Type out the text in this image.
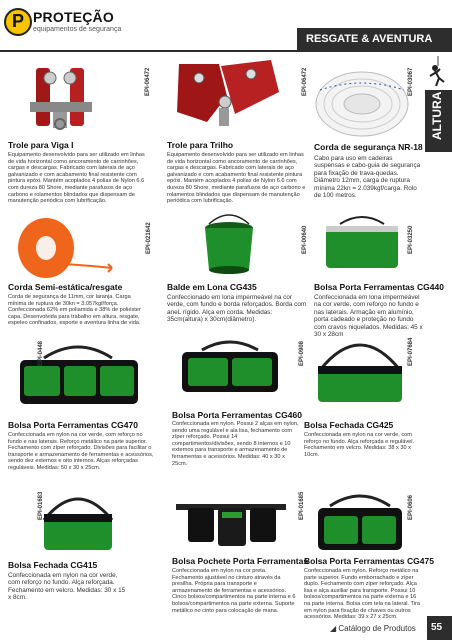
P PROTEÇÃO
equipamentos de segurança
RESGATE & AVENTURA
ALTURA
EPI-06472
Trole para Viga I
Equipamento desenvolvido para ser utilizado em linhas de vida horizontal como ancoramento de carrinhões, cargas e descargas. Fabricado com laterais de aço galvanizado e com acabamento final resistente com pintura epóxi. Mantém acoplados 4 polias de Nylon 6.6 com dureza 80 Shore, mediante parafusos de aço carbono e rolamentos blindados que dispensam de manutenção periódica com lubrificação.
EPI-06472
Trole para Trilho
Equipamento desenvolvido para ser utilizado em linhas de vida horizontal como ancoramento de carrinhões, cargas e descargas. Fabricado com laterais de aço galvanizado e com acabamento final resistente pintura epóxi. Mantém acoplados 4 polias de Nylon 6.6 com dureza 80 Shore, mediante parafusos de aço carbono e rolamentos blindados que dispensam de manutenção periódica com lubrificação.
EPI-03067
Corda de segurança NR-18
Cabo para uso em cadeiras suspensas e cabo-guia de segurança para fixação de trava-quedas. Diâmetro 12mm, carga de ruptura mínima 22kn = 2.039kgf/carga. Rolo de 100 metros.
EPI-021642
Corda Semi-estática/resgate
Corda de segurança de 11mm, cor laranja. Carga mínima de ruptura de 30kn = 3.057kgf/força. Confeccionada 62% em poliamida e 38% de poliéster capa. Desenvolvida para trabalho em altura, resgate, espeleo confinados, esporte e aventura linha de vida.
EPI-00640
Balde em Lona CG435
Confeccionado em lona impermeável na cor verde, com fundo e borda reforçados. Borda com aneL rígido. Alça em corda. Medidas: 35cm(altura) x 30cm(diâmetro).
EPI-03250
Bolsa Porta Ferramentas CG440
Confeccionada em lona impermeável na cor verde, com reforço no fundo e nas laterais. Armação em alumínio, porta cadeado e proteção no fundo com cravos niquelados. Medidas: 45 x 30 x 28cm
EPI-0448
Bolsa Porta Ferramentas CG470
Confeccionada em nylon na cor verde, com reforço no fundo e nas laterais. Reforço metálico na parte superior. Fechamento com zíper reforçado. Divisões para facilitar o transporte e armazenamento de ferramentas e acessórios, sendo dez externos e oito internos. Alças reforçadas reguláveis. Medidas: 50 x 30 x 25cm.
EPI-0908
Bolsa Porta Ferramentas CG460
Confeccionada em nylon. Possui 2 alças em nylon, sendo uma regulável e ala lisa, fechamento com zíper reforçado. Possui 14 compartimentos/divisões, sendo 8 internos e 10 externos para transporte e armazenamento de ferramentas e acessórios. Medidas: 40 x 30 x 25cm.
EPI-07684
Bolsa Fechada CG425
Confeccionada em nylon na cor verde, com reforço no fundo. Alça reforçada e regulável. Fechamento em velcro. Medidas: 38 x 30 x 10cm.
EPI-01683
Bolsa Fechada CG415
Confeccionada em nylon na cor verde, com reforço no fundo. Alça reforçada. Fechamento em velcro. Medidas: 30 x 15 x 8cm.
EPI-01685
Bolsa Pochete Porta Ferramentas
Confeccionada em nylon na cor preta. Fechamento ajustável no cinturo através da presilha. Própria para transporte e armazenamento de ferramentas e acessórios. Cinco bolsos/compartimentos na parte interna e 6 bolsos/compartimentos na parte externa. Suporte metálico no cinto para colocação de mana.
EPI-0606
Bolsa Porta Ferramentas CG475
Confeccionada em nylon. Reforço metálico na parte superior. Fundo emborrachado e zíper duplo. Fechamento com zíper reforçado. Alça lisa e alça auxiliar para transporte. Possui 10 bolsos/compartimentos na parte externa e 16 na parte interna. Bolsa com tela na lateral. Tira em nylon para fixação de chaves ou outros acessórios. Medidas: 39 x 27 x 25cm.
◢ Catálogo de Produtos 55
